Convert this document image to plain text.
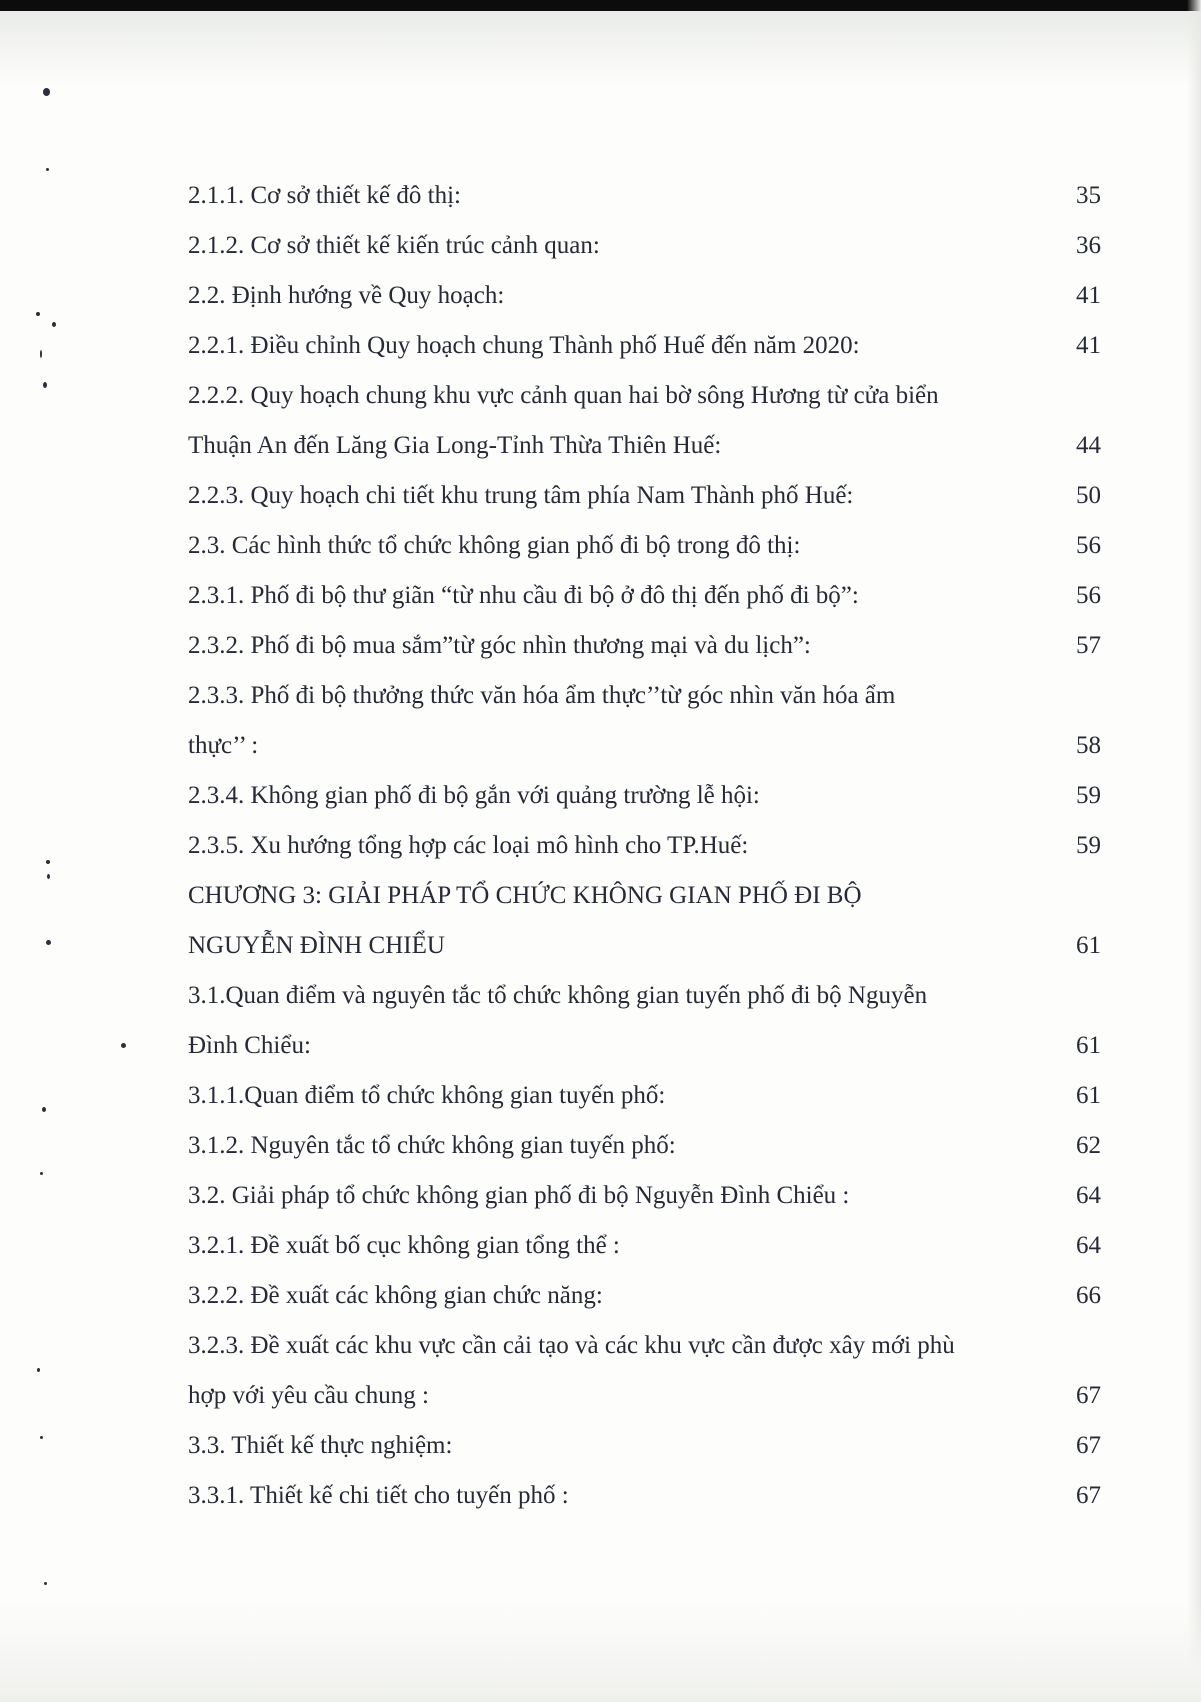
2.1.1. Cơ sở thiết kế đô thị:	35
2.1.2. Cơ sở thiết kế kiến trúc cảnh quan:	36
2.2. Định hướng về Quy hoạch:	41
2.2.1. Điều chỉnh Quy hoạch chung Thành phố Huế đến năm 2020:	41
2.2.2. Quy hoạch chung khu vực cảnh quan hai bờ sông Hương từ cửa biển
Thuận An đến Lăng Gia Long-Tỉnh Thừa Thiên Huế:	44
2.2.3. Quy hoạch chi tiết khu trung tâm phía Nam Thành phố Huế:	50
2.3. Các hình thức tổ chức không gian phố đi bộ trong đô thị:	56
2.3.1. Phố đi bộ thư giãn “từ nhu cầu đi bộ ở đô thị đến phố đi bộ”:	56
2.3.2. Phố đi bộ mua sắm”từ góc nhìn thương mại và du lịch”:	57
2.3.3. Phố đi bộ thưởng thức văn hóa ẩm thực’’từ góc nhìn văn hóa ẩm
thực’’ :	58
2.3.4. Không gian phố đi bộ gắn với quảng trường lễ hội:	59
2.3.5. Xu hướng tổng hợp các loại mô hình cho TP.Huế:	59
CHƯƠNG 3: GIẢI PHÁP TỔ CHỨC KHÔNG GIAN PHỐ ĐI BỘ
NGUYỄN ĐÌNH CHIỂU	61
3.1.Quan điểm và nguyên tắc tổ chức không gian tuyến phố đi bộ Nguyễn
Đình Chiểu:	61
3.1.1.Quan điểm tổ chức không gian tuyến phố:	61
3.1.2. Nguyên tắc tổ chức không gian tuyến phố:	62
3.2. Giải pháp tổ chức không gian phố đi bộ Nguyễn Đình Chiểu :	64
3.2.1. Đề xuất bố cục không gian tổng thể :	64
3.2.2. Đề xuất các không gian chức năng:	66
3.2.3. Đề xuất các khu vực cần cải tạo và các khu vực cần được xây mới phù
hợp với yêu cầu chung :	67
3.3. Thiết kế thực nghiệm:	67
3.3.1. Thiết kế chi tiết cho tuyến phố :	67
